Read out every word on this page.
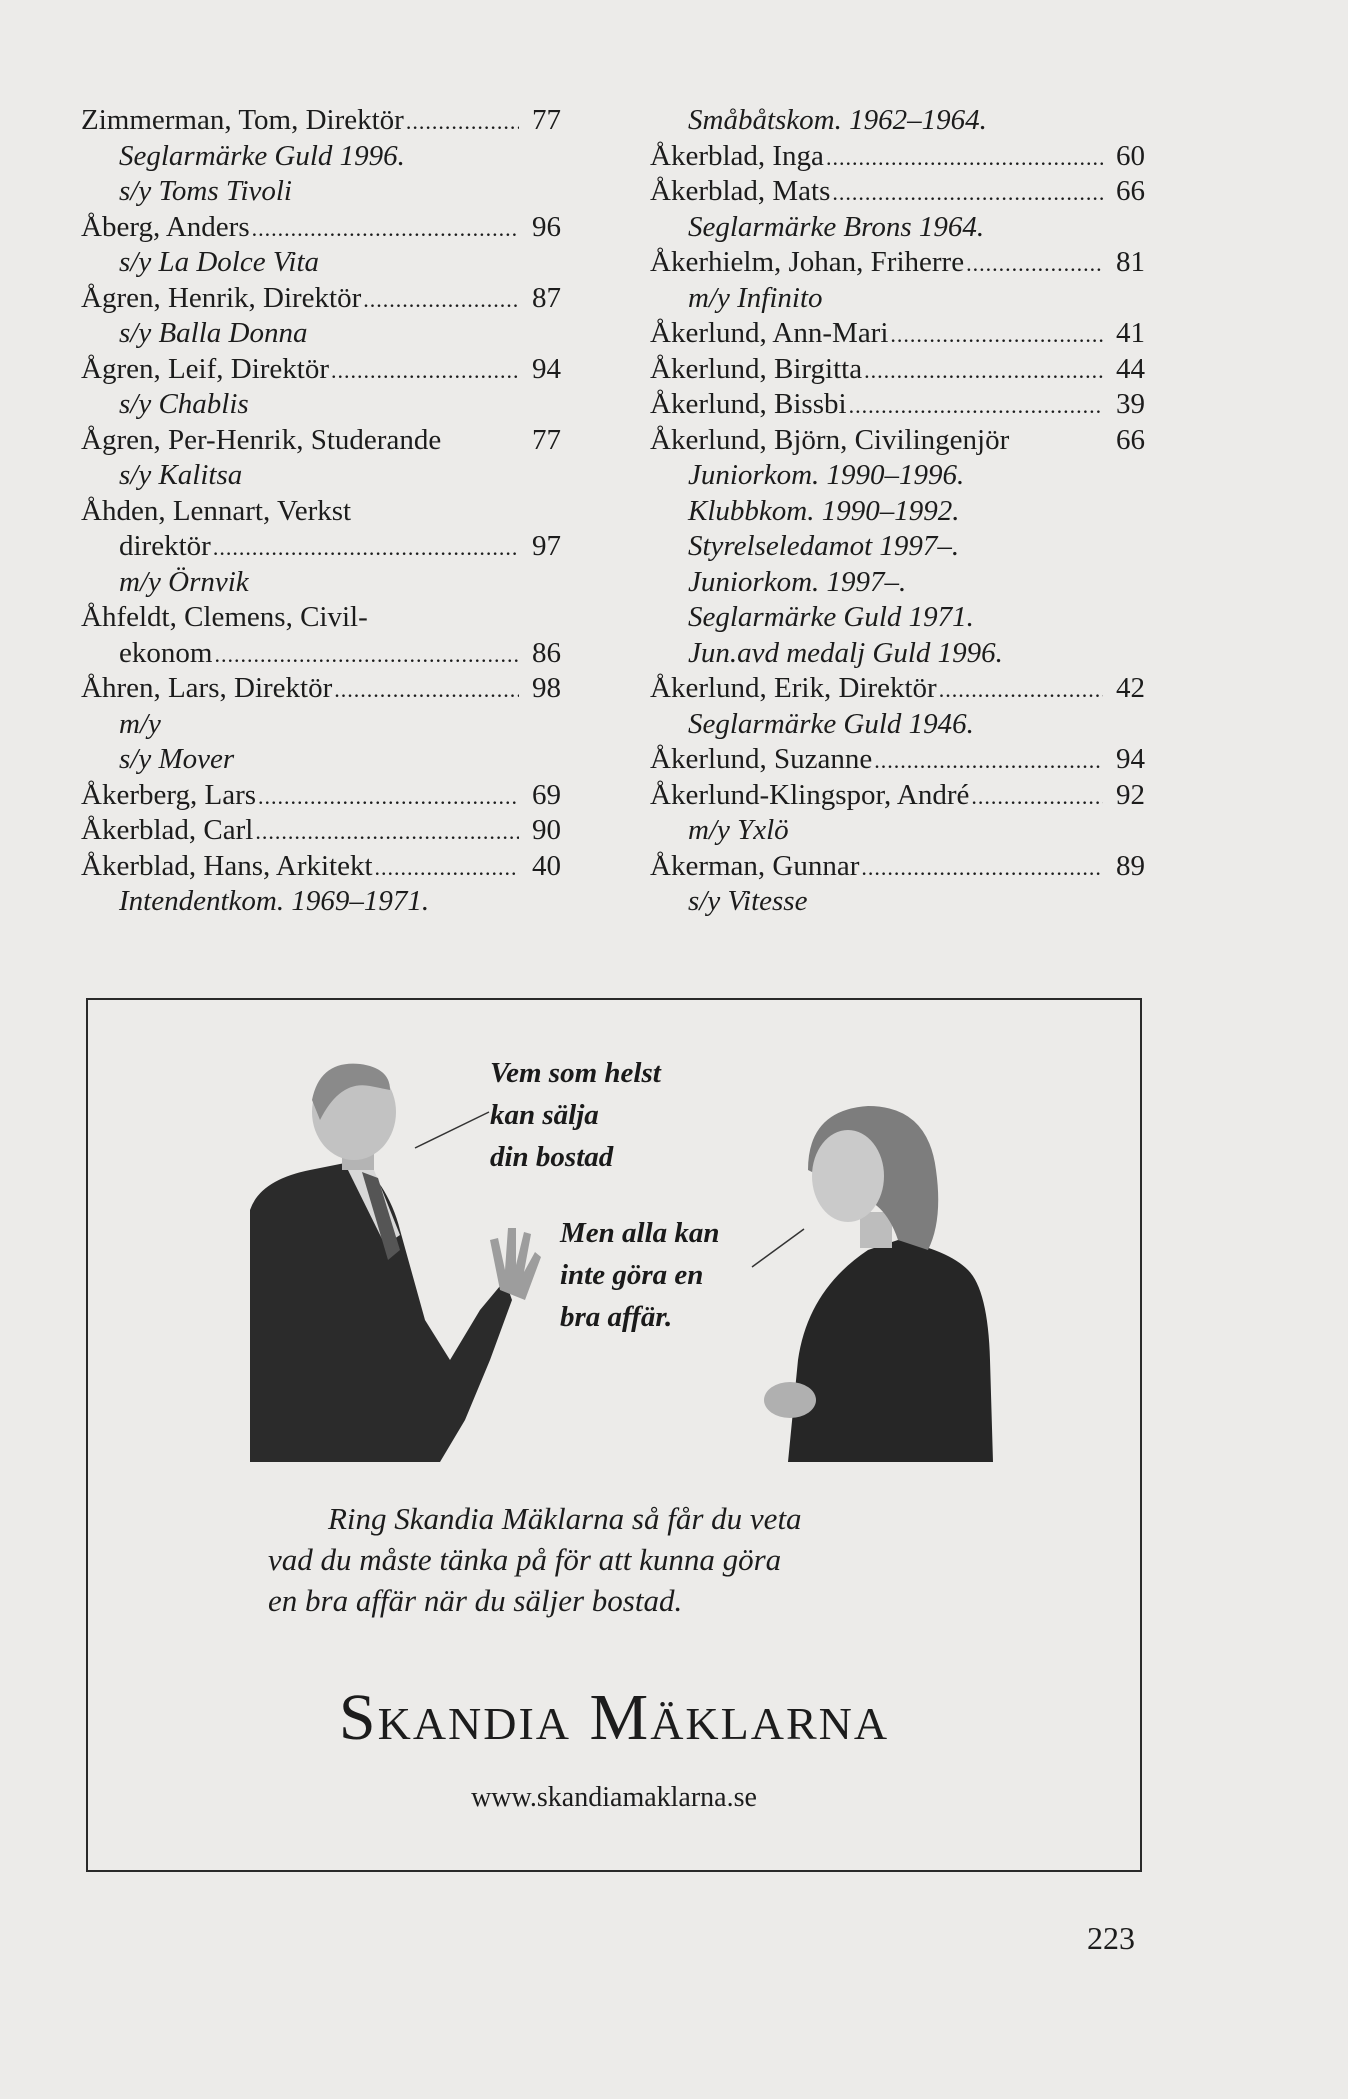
Zimmerman, Tom, Direktör .....	77
Seglarmärke Guld 1996.
s/y Toms Tivoli
Åberg, Anders .....	96
s/y La Dolce Vita
Ågren, Henrik, Direktör .....	87
s/y Balla Donna
Ågren, Leif, Direktör .....	94
s/y Chablis
Ågren, Per-Henrik, Studerande	77
s/y Kalitsa
Åhden, Lennart, Verkst
direktör .....	97
m/y Örnvik
Åhfeldt, Clemens, Civil-
ekonom .....	86
Åhren, Lars, Direktör .....	98
m/y
s/y Mover
Åkerberg, Lars .....	69
Åkerblad, Carl .....	90
Åkerblad, Hans, Arkitekt .....	40
Intendentkom. 1969–1971.
Småbåtskom. 1962–1964.
Åkerblad, Inga .....	60
Åkerblad, Mats .....	66
Seglarmärke Brons 1964.
Åkerhielm, Johan, Friherre .....	81
m/y Infinito
Åkerlund, Ann-Mari .....	41
Åkerlund, Birgitta .....	44
Åkerlund, Bissbi .....	39
Åkerlund, Björn, Civilingenjör	66
Juniorkom. 1990–1996.
Klubbkom. 1990–1992.
Styrelseledamot 1997–.
Juniorkom. 1997–.
Seglarmärke Guld 1971.
Jun.avd medalj Guld 1996.
Åkerlund, Erik, Direktör .....	42
Seglarmärke Guld 1946.
Åkerlund, Suzanne .....	94
Åkerlund-Klingspor, André .....	92
m/y Yxlö
Åkerman, Gunnar .....	89
s/y Vitesse
Vem som helst
kan sälja
din bostad
Men alla kan
inte göra en
bra affär.
Ring Skandia Mäklarna så får du veta
vad du måste tänka på för att kunna göra
en bra affär när du säljer bostad.
Skandia Mäklarna
www.skandiamaklarna.se
223
